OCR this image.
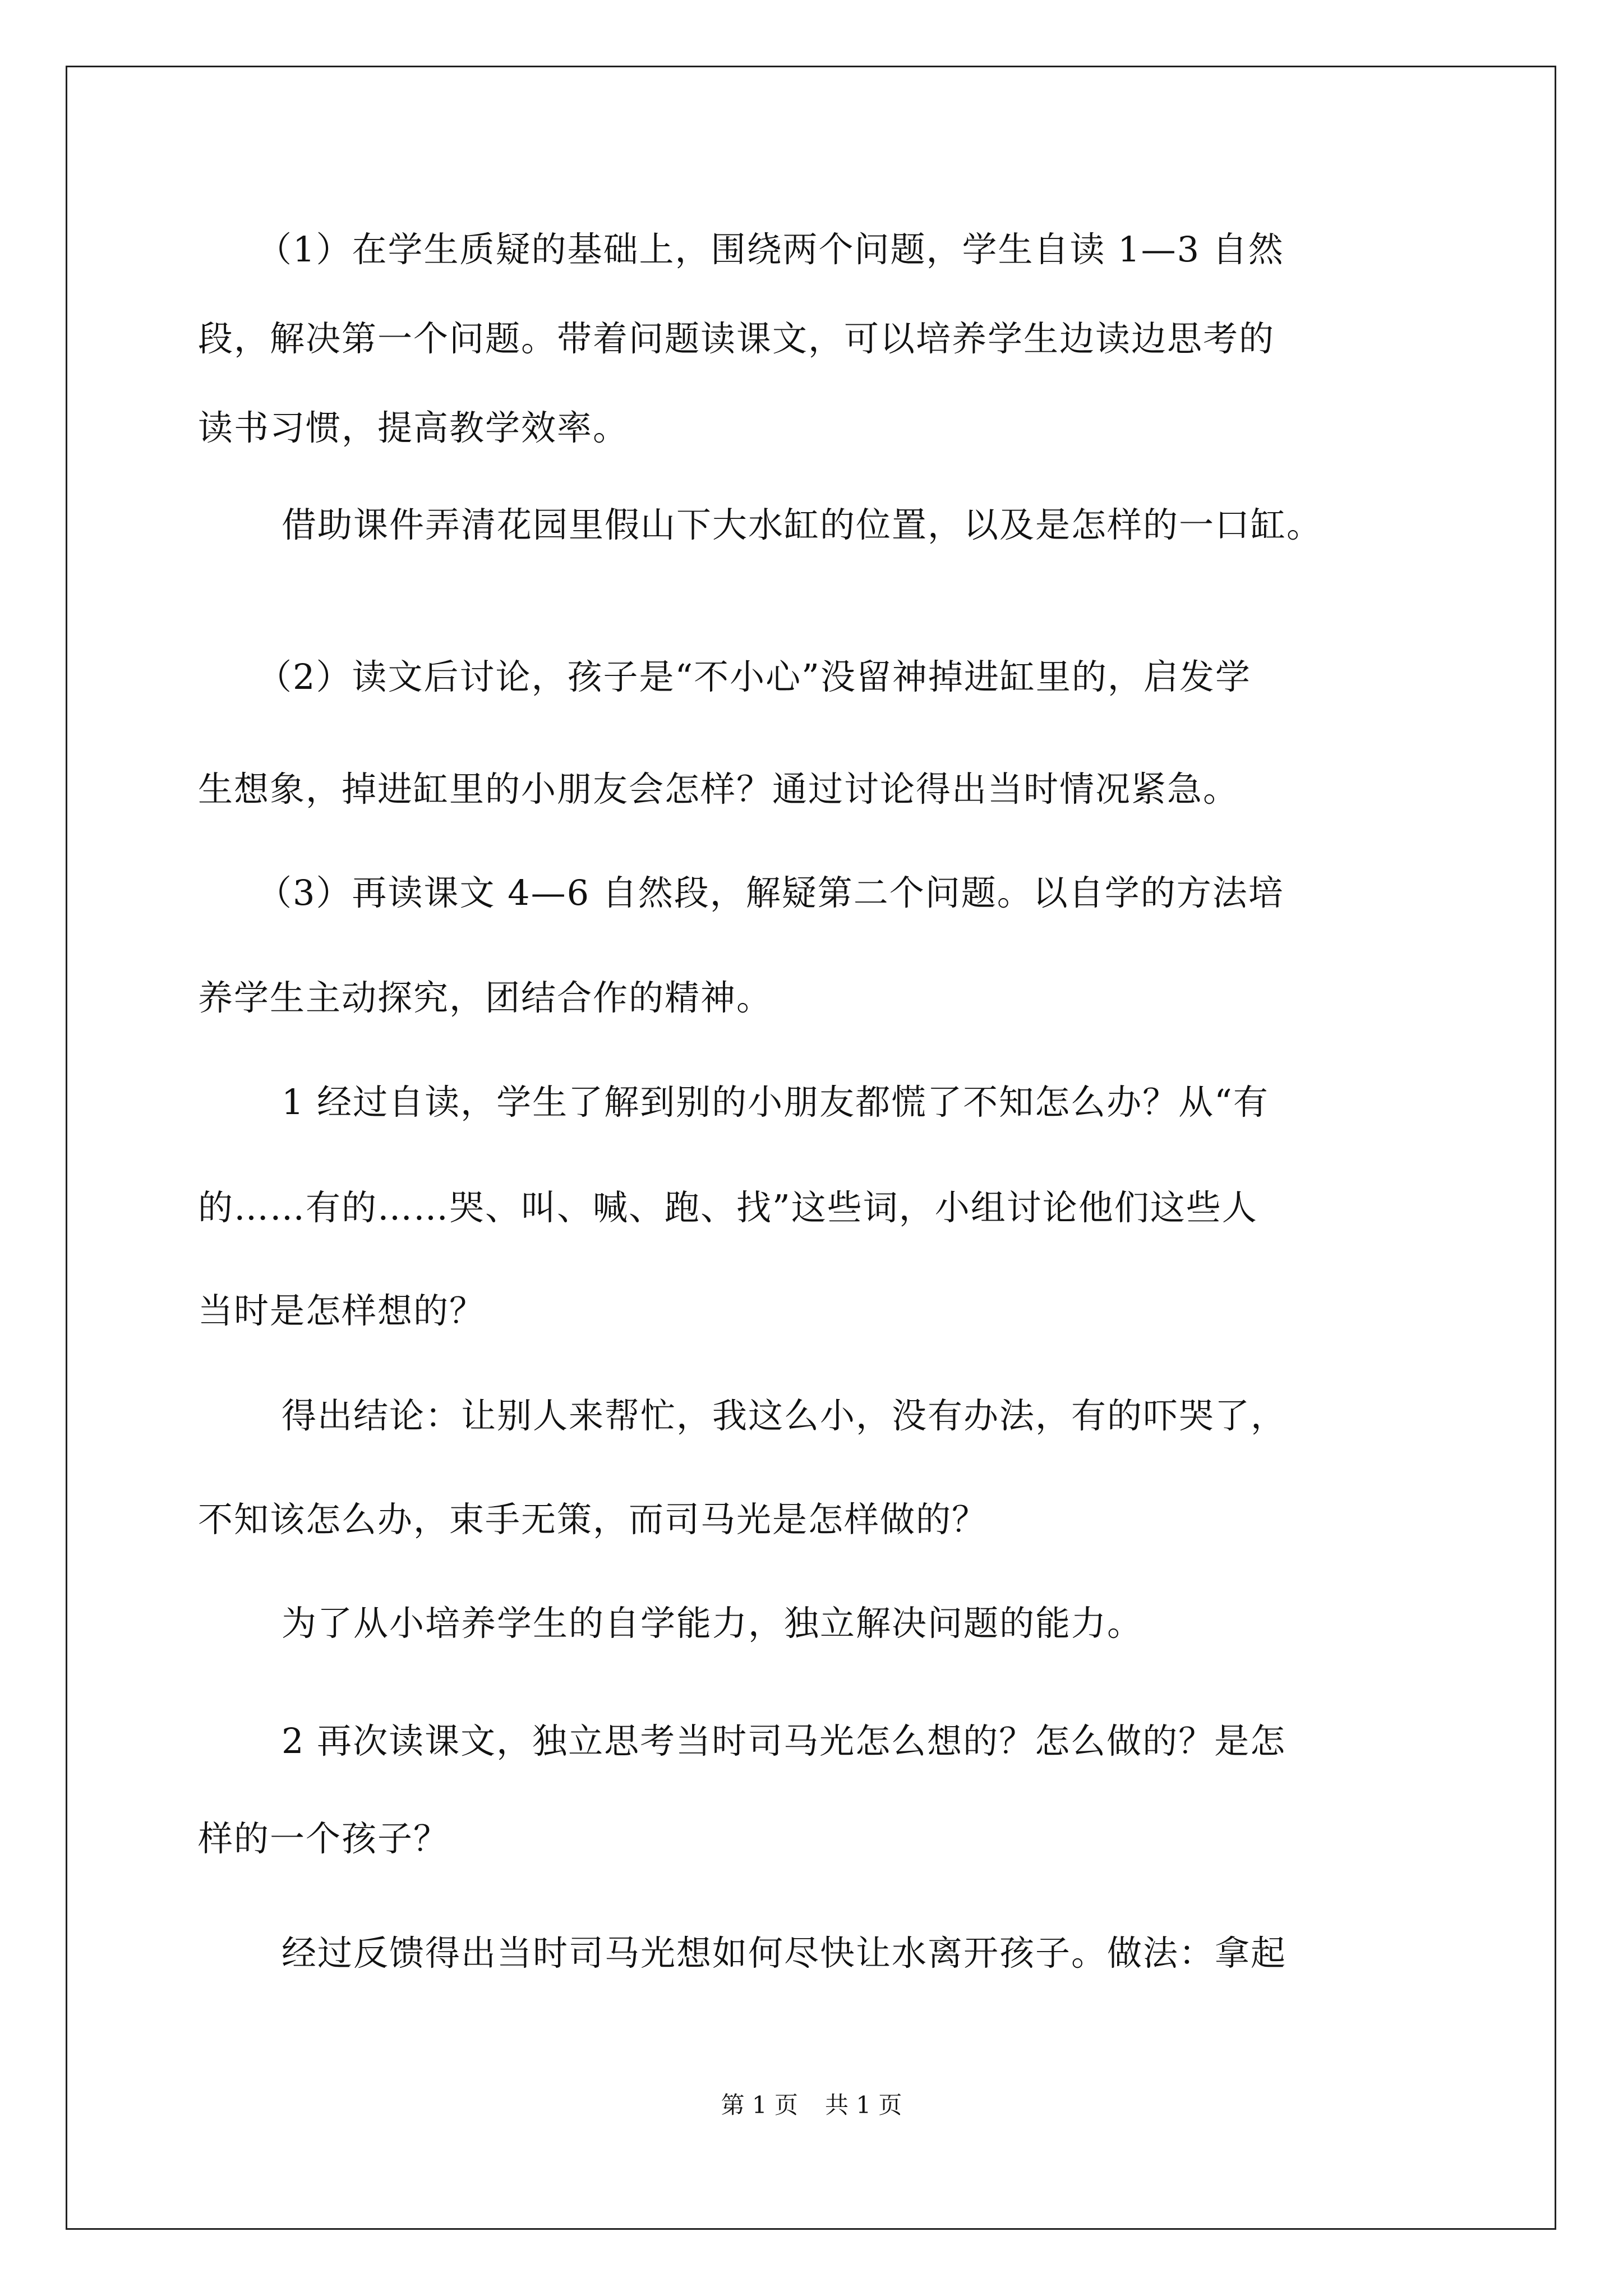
（1）在学生质疑的基础上，围绕两个问题，学生自读 1—3 自然

段，解决第一个问题。带着问题读课文，可以培养学生边读边思考的

读书习惯，提高教学效率。

借助课件弄清花园里假山下大水缸的位置，以及是怎样的一口缸。

（2）读文后讨论，孩子是“不小心”没留神掉进缸里的，启发学

生想象，掉进缸里的小朋友会怎样？通过讨论得出当时情况紧急。

（3）再读课文 4—6 自然段，解疑第二个问题。以自学的方法培

养学生主动探究，团结合作的精神。

1 经过自读，学生了解到别的小朋友都慌了不知怎么办？从“有

的……有的……哭、叫、喊、跑、找”这些词，小组讨论他们这些人

当时是怎样想的？

得出结论：让别人来帮忙，我这么小，没有办法，有的吓哭了，

不知该怎么办，束手无策，而司马光是怎样做的？

为了从小培养学生的自学能力，独立解决问题的能力。

2 再次读课文，独立思考当时司马光怎么想的？怎么做的？是怎

样的一个孩子？

经过反馈得出当时司马光想如何尽快让水离开孩子。做法：拿起

第 1 页 共 1 页
